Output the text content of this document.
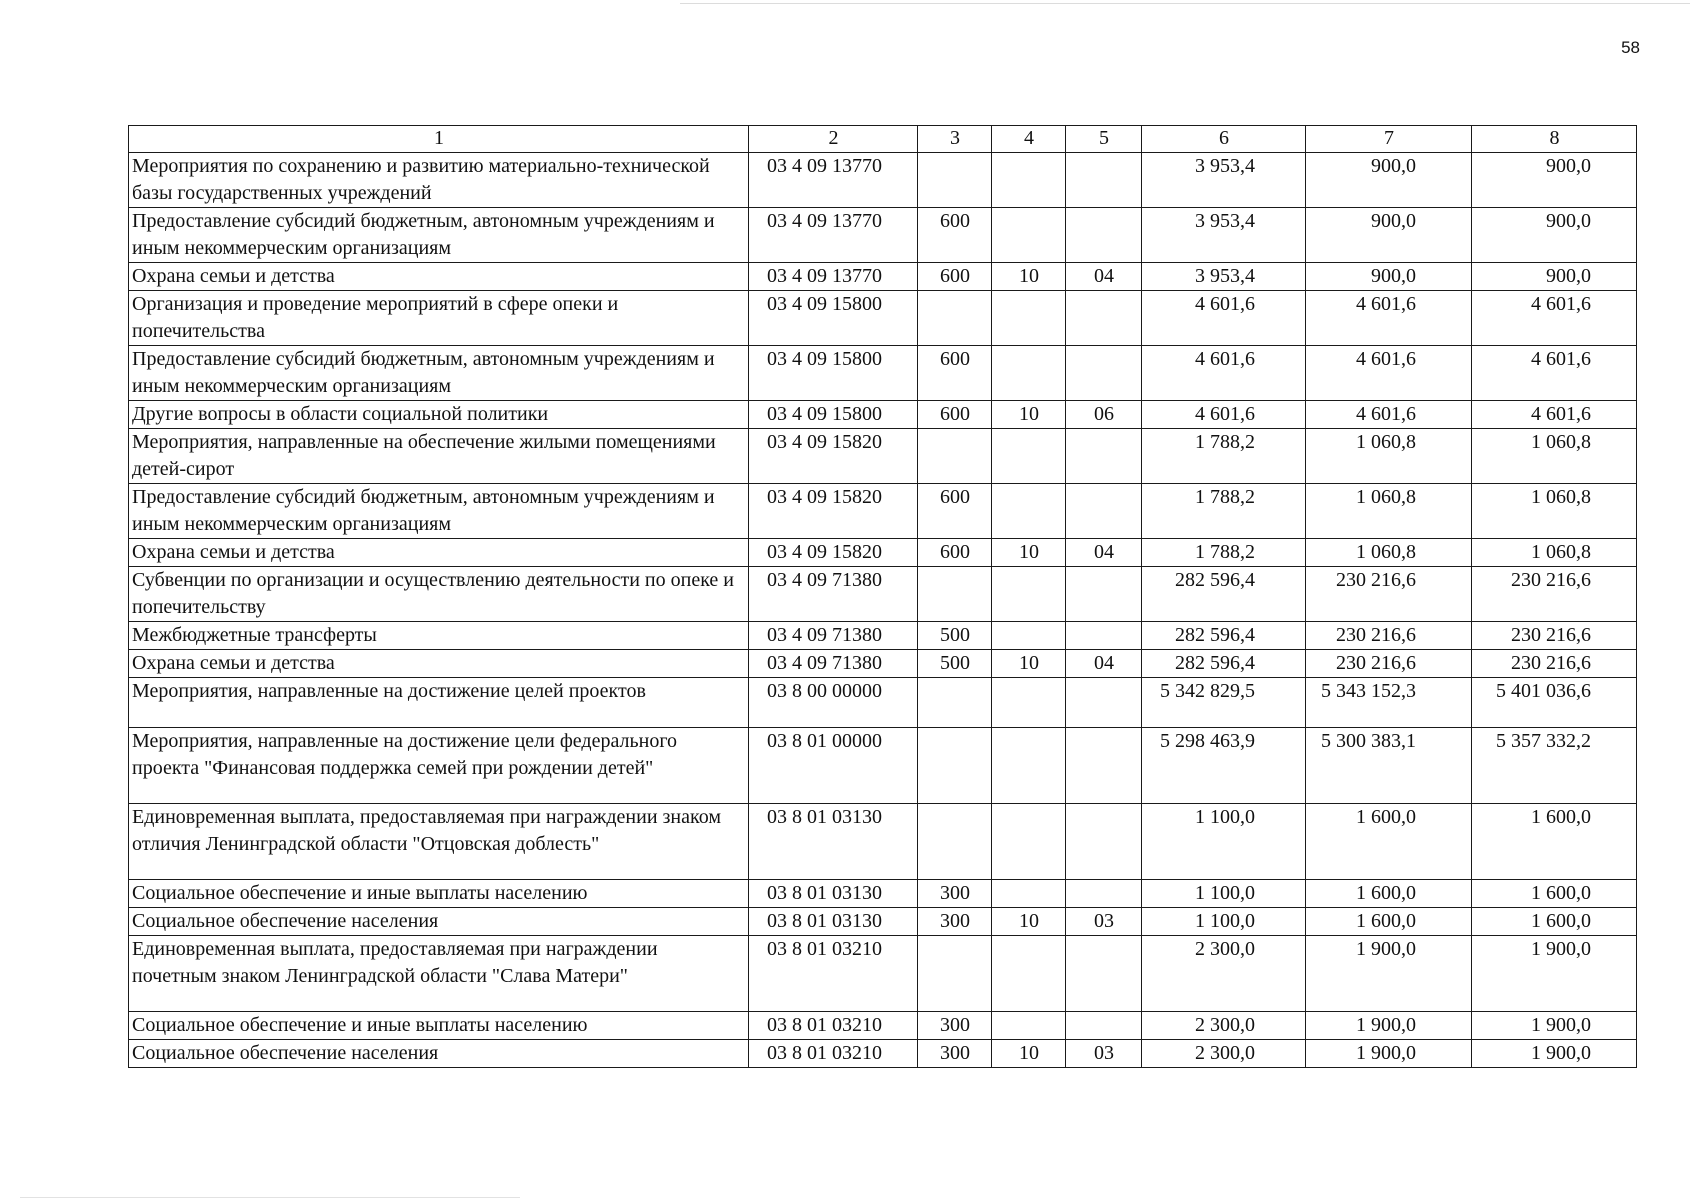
58
1	2	3	4	5	6	7	8
Мероприятия по сохранению и развитию материально-технической базы государственных учреждений	03 4 09 13770				3 953,4	900,0	900,0
Предоставление субсидий бюджетным, автономным учреждениям и иным некоммерческим организациям	03 4 09 13770	600			3 953,4	900,0	900,0
Охрана семьи и детства	03 4 09 13770	600	10	04	3 953,4	900,0	900,0
Организация и проведение мероприятий в сфере опеки и попечительства	03 4 09 15800				4 601,6	4 601,6	4 601,6
Предоставление субсидий бюджетным, автономным учреждениям и иным некоммерческим организациям	03 4 09 15800	600			4 601,6	4 601,6	4 601,6
Другие вопросы в области социальной политики	03 4 09 15800	600	10	06	4 601,6	4 601,6	4 601,6
Мероприятия, направленные на обеспечение жилыми помещениями детей-сирот	03 4 09 15820				1 788,2	1 060,8	1 060,8
Предоставление субсидий бюджетным, автономным учреждениям и иным некоммерческим организациям	03 4 09 15820	600			1 788,2	1 060,8	1 060,8
Охрана семьи и детства	03 4 09 15820	600	10	04	1 788,2	1 060,8	1 060,8
Субвенции по организации и осуществлению деятельности по опеке и попечительству	03 4 09 71380				282 596,4	230 216,6	230 216,6
Межбюджетные трансферты	03 4 09 71380	500			282 596,4	230 216,6	230 216,6
Охрана семьи и детства	03 4 09 71380	500	10	04	282 596,4	230 216,6	230 216,6
Мероприятия, направленные на достижение целей проектов	03 8 00 00000				5 342 829,5	5 343 152,3	5 401 036,6
Мероприятия, направленные на достижение цели федерального проекта "Финансовая поддержка семей при рождении детей"	03 8 01 00000				5 298 463,9	5 300 383,1	5 357 332,2
Единовременная выплата, предоставляемая при награждении знаком отличия Ленинградской области "Отцовская доблесть"	03 8 01 03130				1 100,0	1 600,0	1 600,0
Социальное обеспечение и иные выплаты населению	03 8 01 03130	300			1 100,0	1 600,0	1 600,0
Социальное обеспечение населения	03 8 01 03130	300	10	03	1 100,0	1 600,0	1 600,0
Единовременная выплата, предоставляемая при награждении почетным знаком Ленинградской области "Слава Матери"	03 8 01 03210				2 300,0	1 900,0	1 900,0
Социальное обеспечение и иные выплаты населению	03 8 01 03210	300			2 300,0	1 900,0	1 900,0
Социальное обеспечение населения	03 8 01 03210	300	10	03	2 300,0	1 900,0	1 900,0
